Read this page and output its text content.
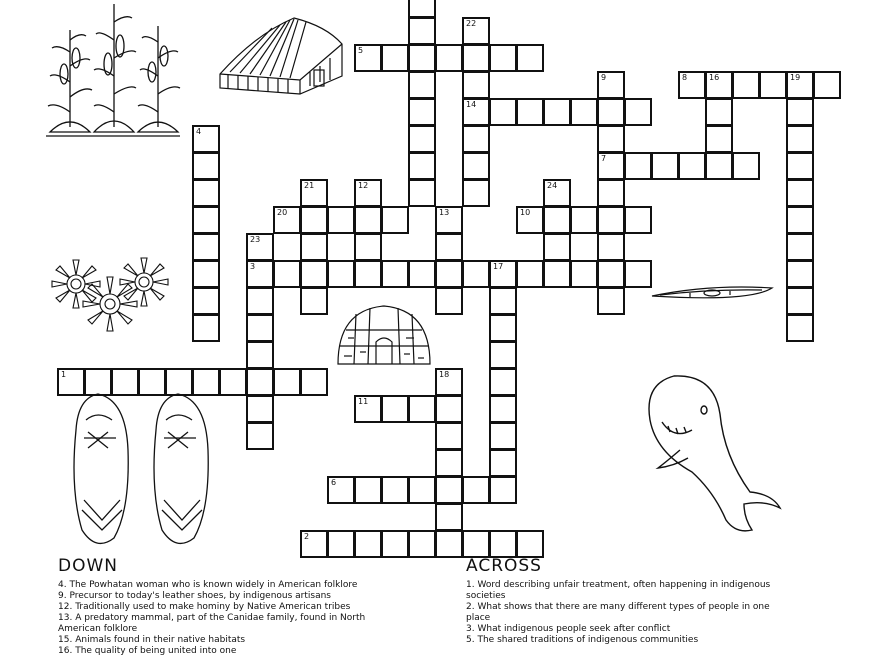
1
2
3	17
4
5
6
7
8	16	19
9
10
11
12
13
14
18
20
21
22
23
24
DOWN
4. The Powhatan woman who is known widely in American folklore
9. Precursor to today's leather shoes, by indigenous artisans
12. Traditionally used to make hominy by Native American tribes
13. A predatory mammal, part of the Canidae family, found in North American folklore
15. Animals found in their native habitats
16. The quality of being united into one
ACROSS
1. Word describing unfair treatment, often happening in indigenous societies
2. What shows that there are many different types of people in one place
3. What indigenous people seek after conflict
5. The shared traditions of indigenous communities
